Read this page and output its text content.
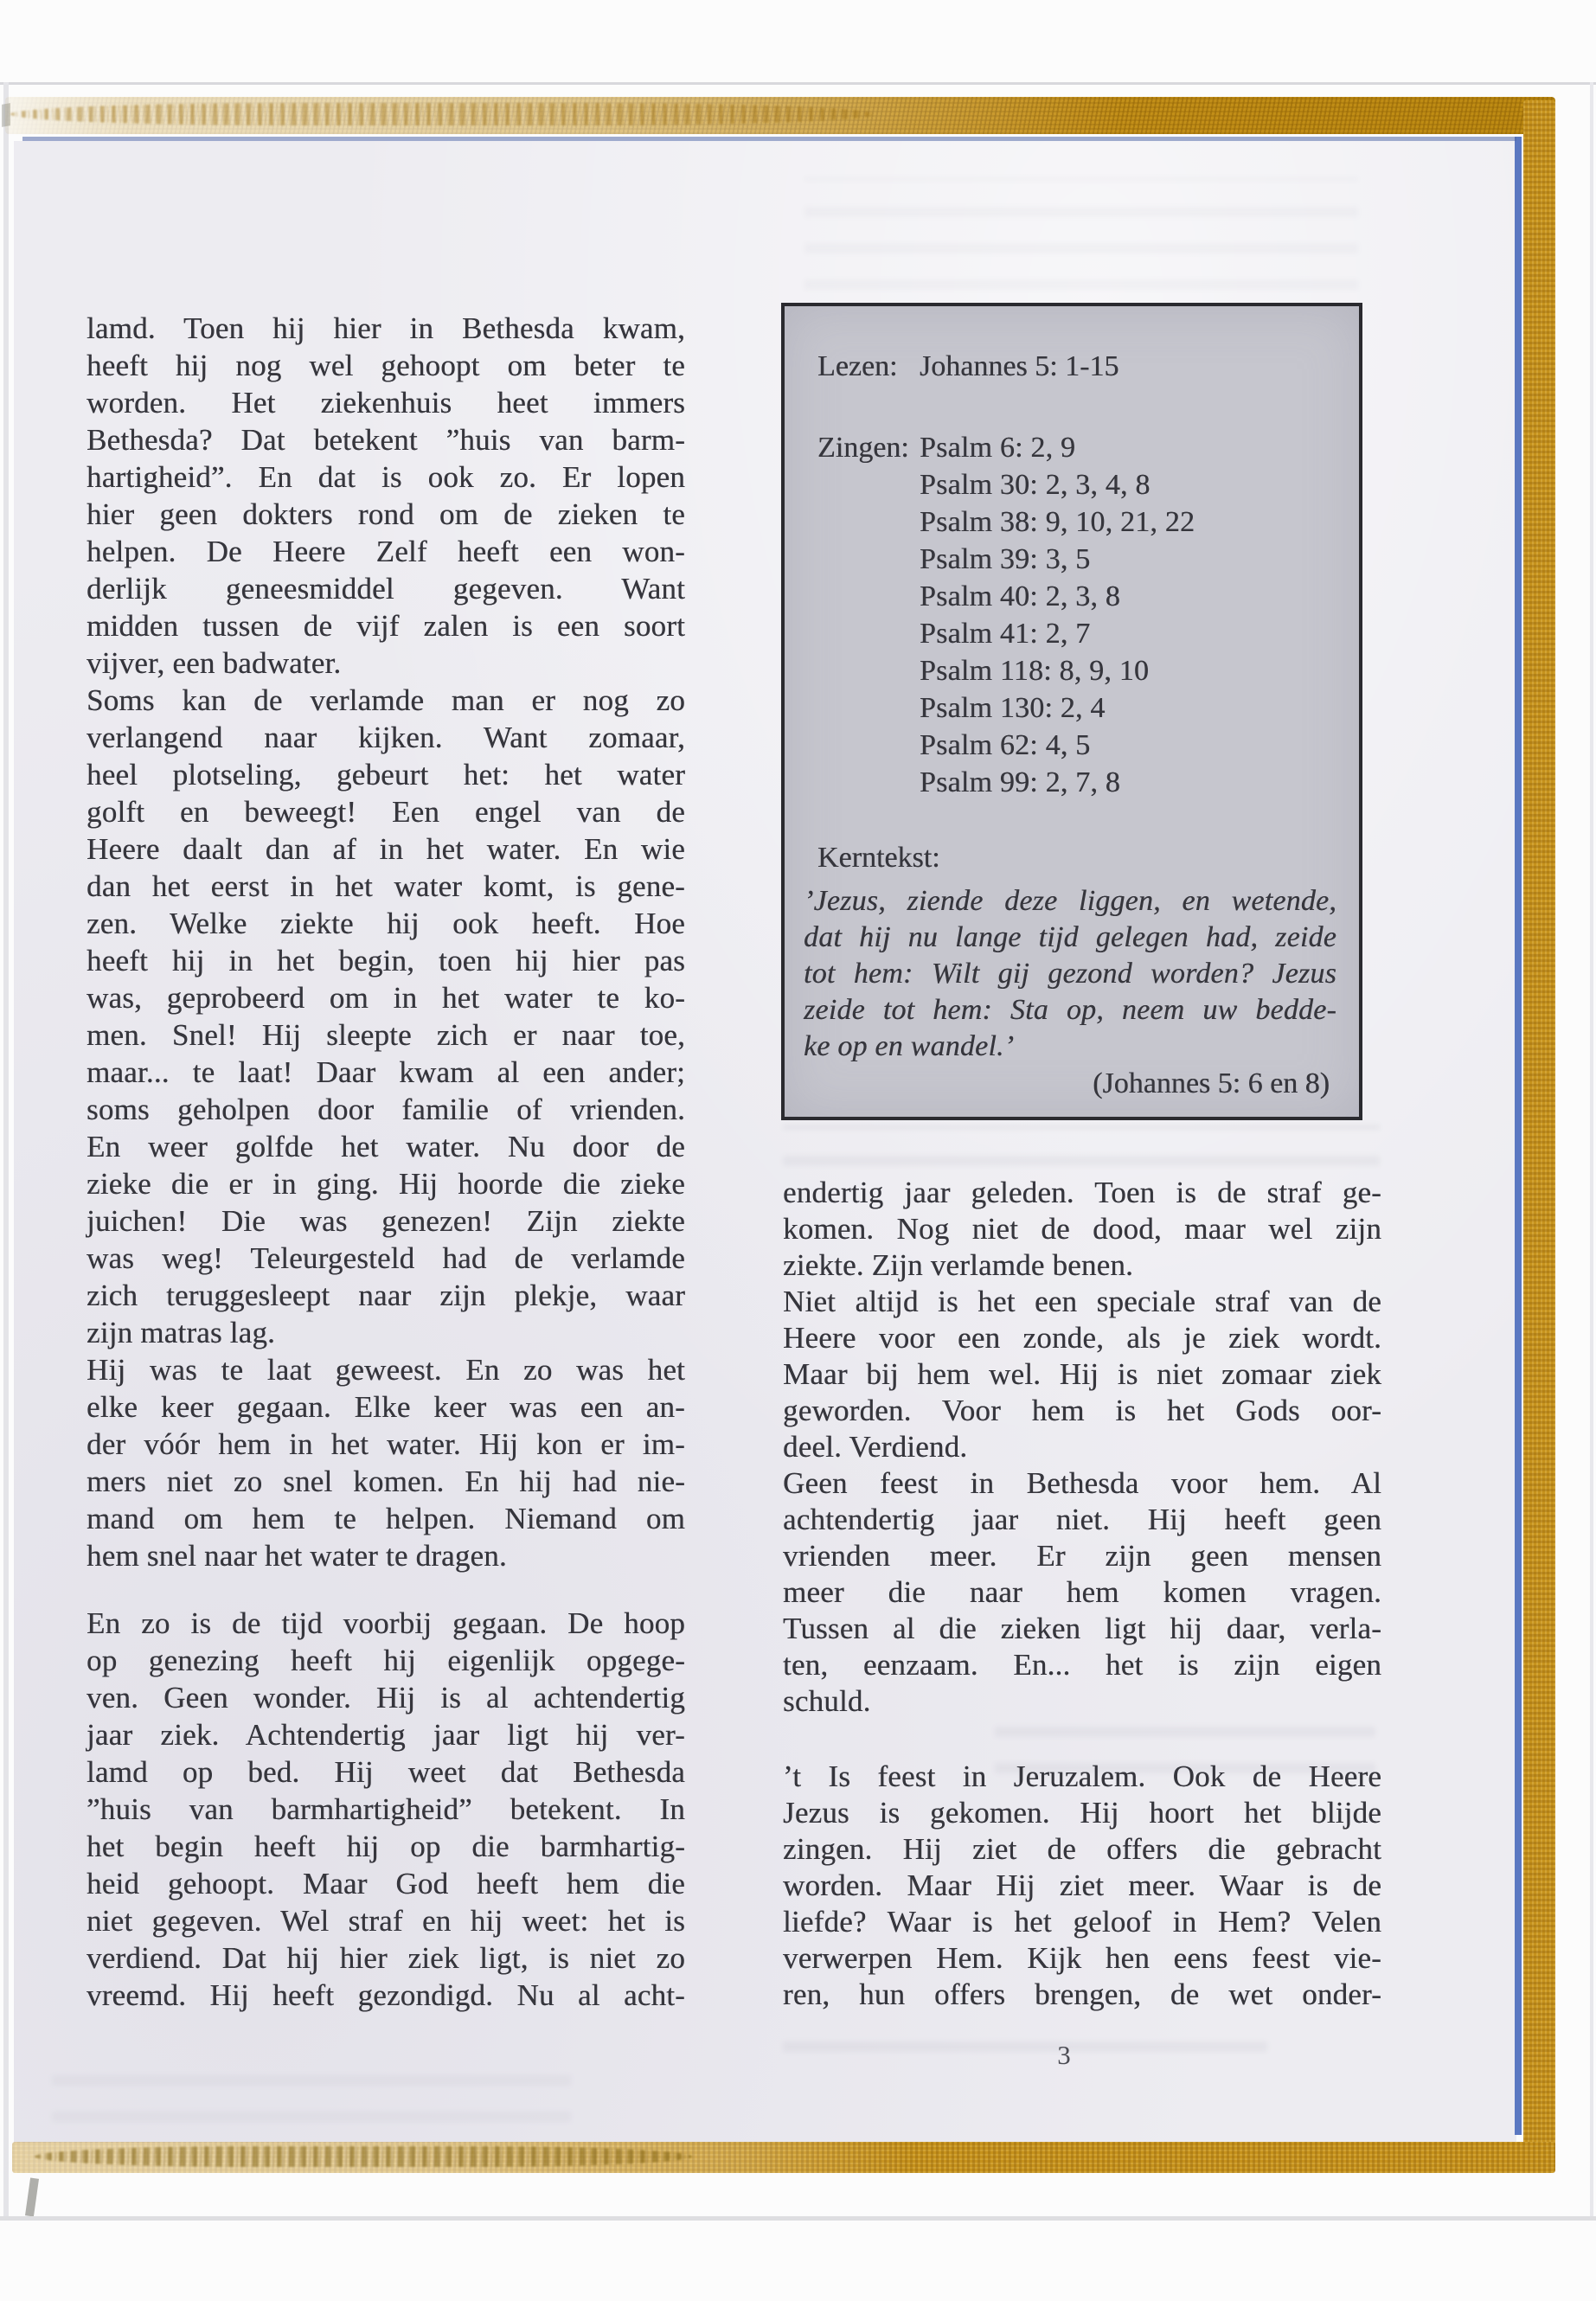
lamd. Toen hij hier in Bethesda kwam,
heeft hij nog wel gehoopt om beter te
worden. Het ziekenhuis heet immers
Bethesda? Dat betekent ”huis van barm-
hartigheid”. En dat is ook zo. Er lopen
hier geen dokters rond om de zieken te
helpen. De Heere Zelf heeft een won-
derlijk geneesmiddel gegeven. Want
midden tussen de vijf zalen is een soort
vijver, een badwater.
Soms kan de verlamde man er nog zo
verlangend naar kijken. Want zomaar,
heel plotseling, gebeurt het: het water
golft en beweegt! Een engel van de
Heere daalt dan af in het water. En wie
dan het eerst in het water komt, is gene-
zen. Welke ziekte hij ook heeft. Hoe
heeft hij in het begin, toen hij hier pas
was, geprobeerd om in het water te ko-
men. Snel! Hij sleepte zich er naar toe,
maar... te laat! Daar kwam al een ander;
soms geholpen door familie of vrienden.
En weer golfde het water. Nu door de
zieke die er in ging. Hij hoorde die zieke
juichen! Die was genezen! Zijn ziekte
was weg! Teleurgesteld had de verlamde
zich teruggesleept naar zijn plekje, waar
zijn matras lag.
Hij was te laat geweest. En zo was het
elke keer gegaan. Elke keer was een an-
der vóór hem in het water. Hij kon er im-
mers niet zo snel komen. En hij had nie-
mand om hem te helpen. Niemand om
hem snel naar het water te dragen.
En zo is de tijd voorbij gegaan. De hoop
op genezing heeft hij eigenlijk opgege-
ven. Geen wonder. Hij is al achtendertig
jaar ziek. Achtendertig jaar ligt hij ver-
lamd op bed. Hij weet dat Bethesda
”huis van barmhartigheid” betekent. In
het begin heeft hij op die barmhartig-
heid gehoopt. Maar God heeft hem die
niet gegeven. Wel straf en hij weet: het is
verdiend. Dat hij hier ziek ligt, is niet zo
vreemd. Hij heeft gezondigd. Nu al acht-
Lezen: Johannes 5: 1-15
Zingen: Psalm 6: 2, 9
Psalm 30: 2, 3, 4, 8
Psalm 38: 9, 10, 21, 22
Psalm 39: 3, 5
Psalm 40: 2, 3, 8
Psalm 41: 2, 7
Psalm 118: 8, 9, 10
Psalm 130: 2, 4
Psalm 62: 4, 5
Psalm 99: 2, 7, 8
Kerntekst:
’Jezus, ziende deze liggen, en wetende,
dat hij nu lange tijd gelegen had, zeide
tot hem: Wilt gij gezond worden? Jezus
zeide tot hem: Sta op, neem uw bedde-
ke op en wandel.’
(Johannes 5: 6 en 8)
endertig jaar geleden. Toen is de straf ge-
komen. Nog niet de dood, maar wel zijn
ziekte. Zijn verlamde benen.
Niet altijd is het een speciale straf van de
Heere voor een zonde, als je ziek wordt.
Maar bij hem wel. Hij is niet zomaar ziek
geworden. Voor hem is het Gods oor-
deel. Verdiend.
Geen feest in Bethesda voor hem. Al
achtendertig jaar niet. Hij heeft geen
vrienden meer. Er zijn geen mensen
meer die naar hem komen vragen.
Tussen al die zieken ligt hij daar, verla-
ten, eenzaam. En... het is zijn eigen
schuld.
’t Is feest in Jeruzalem. Ook de Heere
Jezus is gekomen. Hij hoort het blijde
zingen. Hij ziet de offers die gebracht
worden. Maar Hij ziet meer. Waar is de
liefde? Waar is het geloof in Hem? Velen
verwerpen Hem. Kijk hen eens feest vie-
ren, hun offers brengen, de wet onder-
3
